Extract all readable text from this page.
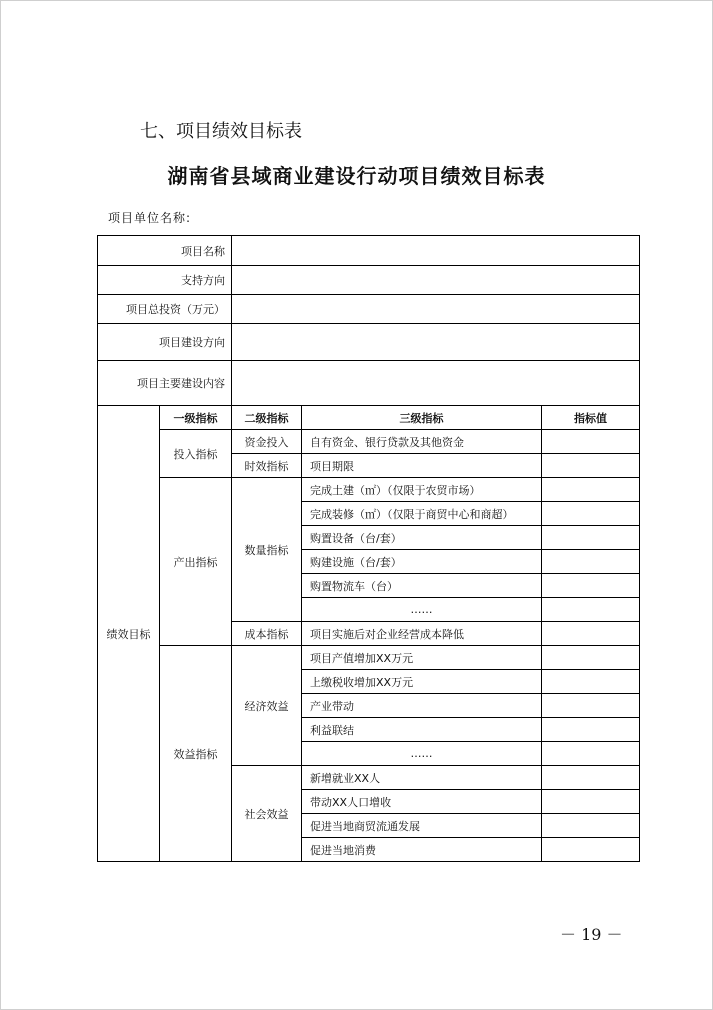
七、项目绩效目标表
湖南省县域商业建设行动项目绩效目标表
项目单位名称:
项目名称				
支持方向				
项目总投资（万元）				
项目建设方向				
项目主要建设内容				
绩效目标	一级指标	二级指标	三级指标	指标值
	投入指标	资金投入	自有资金、银行贷款及其他资金	
		时效指标	项目期限	
	产出指标	数量指标	完成土建（㎡）（仅限于农贸市场）	
			完成装修（㎡）（仅限于商贸中心和商超）	
			购置设备（台/套）	
			购建设施（台/套）	
			购置物流车（台）	
			……	
		成本指标	项目实施后对企业经营成本降低	
	效益指标	经济效益	项目产值增加XX万元	
			上缴税收增加XX万元	
			产业带动	
			利益联结	
			……	
		社会效益	新增就业XX人	
			带动XX人口增收	
			促进当地商贸流通发展	
			促进当地消费	
－ 19 －
